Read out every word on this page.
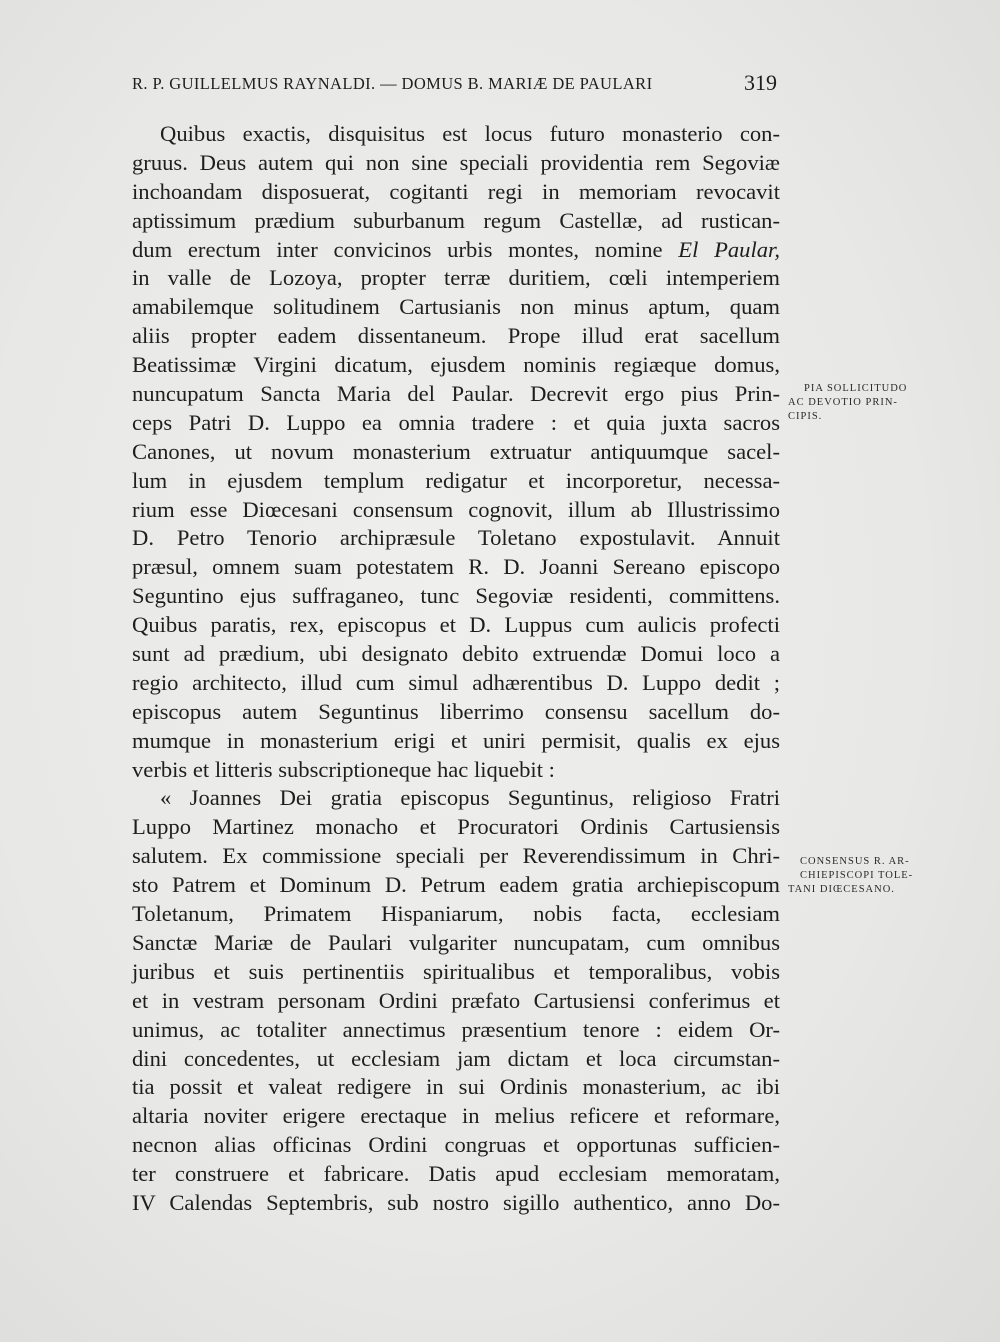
R. P. GUILLELMUS RAYNALDI. — DOMUS B. MARIÆ DE PAULARI	319

Quibus exactis, disquisitus est locus futuro monasterio con-
gruus. Deus autem qui non sine speciali providentia rem Segoviæ
inchoandam disposuerat, cogitanti regi in memoriam revocavit
aptissimum prædium suburbanum regum Castellæ, ad rustican-
dum erectum inter convicinos urbis montes, nomine El Paular,
in valle de Lozoya, propter terræ duritiem, cœli intemperiem
amabilemque solitudinem Cartusianis non minus aptum, quam
aliis propter eadem dissentaneum. Prope illud erat sacellum
Beatissimæ Virgini dicatum, ejusdem nominis regiæque domus,
nuncupatum Sancta Maria del Paular. Decrevit ergo pius Prin-
ceps Patri D. Luppo ea omnia tradere : et quia juxta sacros
Canones, ut novum monasterium extruatur antiquumque sacel-
lum in ejusdem templum redigatur et incorporetur, necessa-
rium esse Diœcesani consensum cognovit, illum ab Illustrissimo
D. Petro Tenorio archipræsule Toletano expostulavit. Annuit
præsul, omnem suam potestatem R. D. Joanni Sereano episcopo
Seguntino ejus suffraganeo, tunc Segoviæ residenti, committens.
Quibus paratis, rex, episcopus et D. Luppus cum aulicis profecti
sunt ad prædium, ubi designato debito extruendæ Domui loco a
regio architecto, illud cum simul adhærentibus D. Luppo dedit ;
episcopus autem Seguntinus liberrimo consensu sacellum do-
mumque in monasterium erigi et uniri permisit, qualis ex ejus
verbis et litteris subscriptioneque hac liquebit :
« Joannes Dei gratia episcopus Seguntinus, religioso Fratri
Luppo Martinez monacho et Procuratori Ordinis Cartusiensis
salutem. Ex commissione speciali per Reverendissimum in Chri-
sto Patrem et Dominum D. Petrum eadem gratia archiepiscopum
Toletanum, Primatem Hispaniarum, nobis facta, ecclesiam
Sanctæ Mariæ de Paulari vulgariter nuncupatam, cum omnibus
juribus et suis pertinentiis spiritualibus et temporalibus, vobis
et in vestram personam Ordini præfato Cartusiensi conferimus et
unimus, ac totaliter annectimus præsentium tenore : eidem Or-
dini concedentes, ut ecclesiam jam dictam et loca circumstan-
tia possit et valeat redigere in sui Ordinis monasterium, ac ibi
altaria noviter erigere erectaque in melius reficere et reformare,
necnon alias officinas Ordini congruas et opportunas sufficien-
ter construere et fabricare. Datis apud ecclesiam memoratam,
IV Calendas Septembris, sub nostro sigillo authentico, anno Do-
PIA SOLLICITUDO
AC DEVOTIO PRIN-
CIPIS.
CONSENSUS R. AR-
CHIEPISCOPI TOLE-
TANI DIŒCESANO.
